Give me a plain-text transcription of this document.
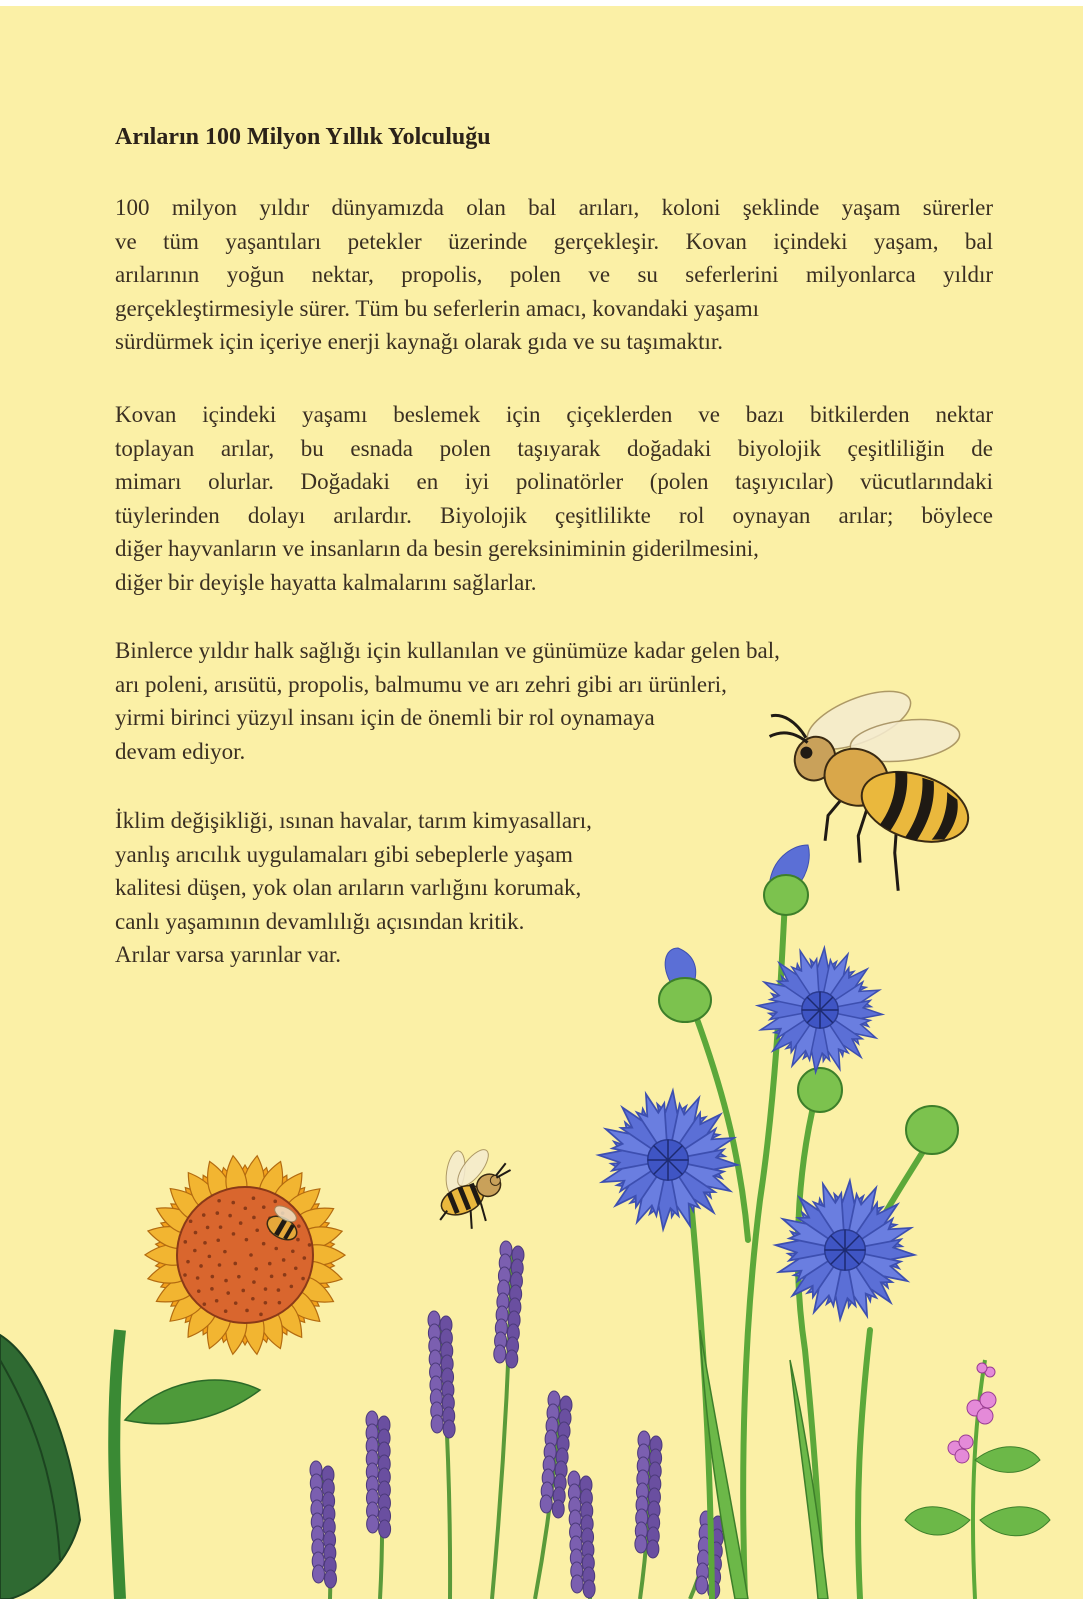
Arıların 100 Milyon Yıllık Yolculuğu
100 milyon yıldır dünyamızda olan bal arıları, koloni şeklinde yaşam sürerler
ve tüm yaşantıları petekler üzerinde gerçekleşir. Kovan içindeki yaşam, bal
arılarının yoğun nektar, propolis, polen ve su seferlerini milyonlarca yıldır
gerçekleştirmesiyle sürer. Tüm bu seferlerin amacı, kovandaki yaşamı
sürdürmek için içeriye enerji kaynağı olarak gıda ve su taşımaktır.
Kovan içindeki yaşamı beslemek için çiçeklerden ve bazı bitkilerden nektar
toplayan arılar, bu esnada polen taşıyarak doğadaki biyolojik çeşitliliğin de
mimarı olurlar. Doğadaki en iyi polinatörler (polen taşıyıcılar) vücutlarındaki
tüylerinden dolayı arılardır. Biyolojik çeşitlilikte rol oynayan arılar; böylece
diğer hayvanların ve insanların da besin gereksiniminin giderilmesini,
diğer bir deyişle hayatta kalmalarını sağlarlar.
Binlerce yıldır halk sağlığı için kullanılan ve günümüze kadar gelen bal,
arı poleni, arısütü, propolis, balmumu ve arı zehri gibi arı ürünleri,
yirmi birinci yüzyıl insanı için de önemli bir rol oynamaya
devam ediyor.
İklim değişikliği, ısınan havalar, tarım kimyasalları,
yanlış arıcılık uygulamaları gibi sebeplerle yaşam
kalitesi düşen, yok olan arıların varlığını korumak,
canlı yaşamının devamlılığı açısından kritik.
Arılar varsa yarınlar var.
